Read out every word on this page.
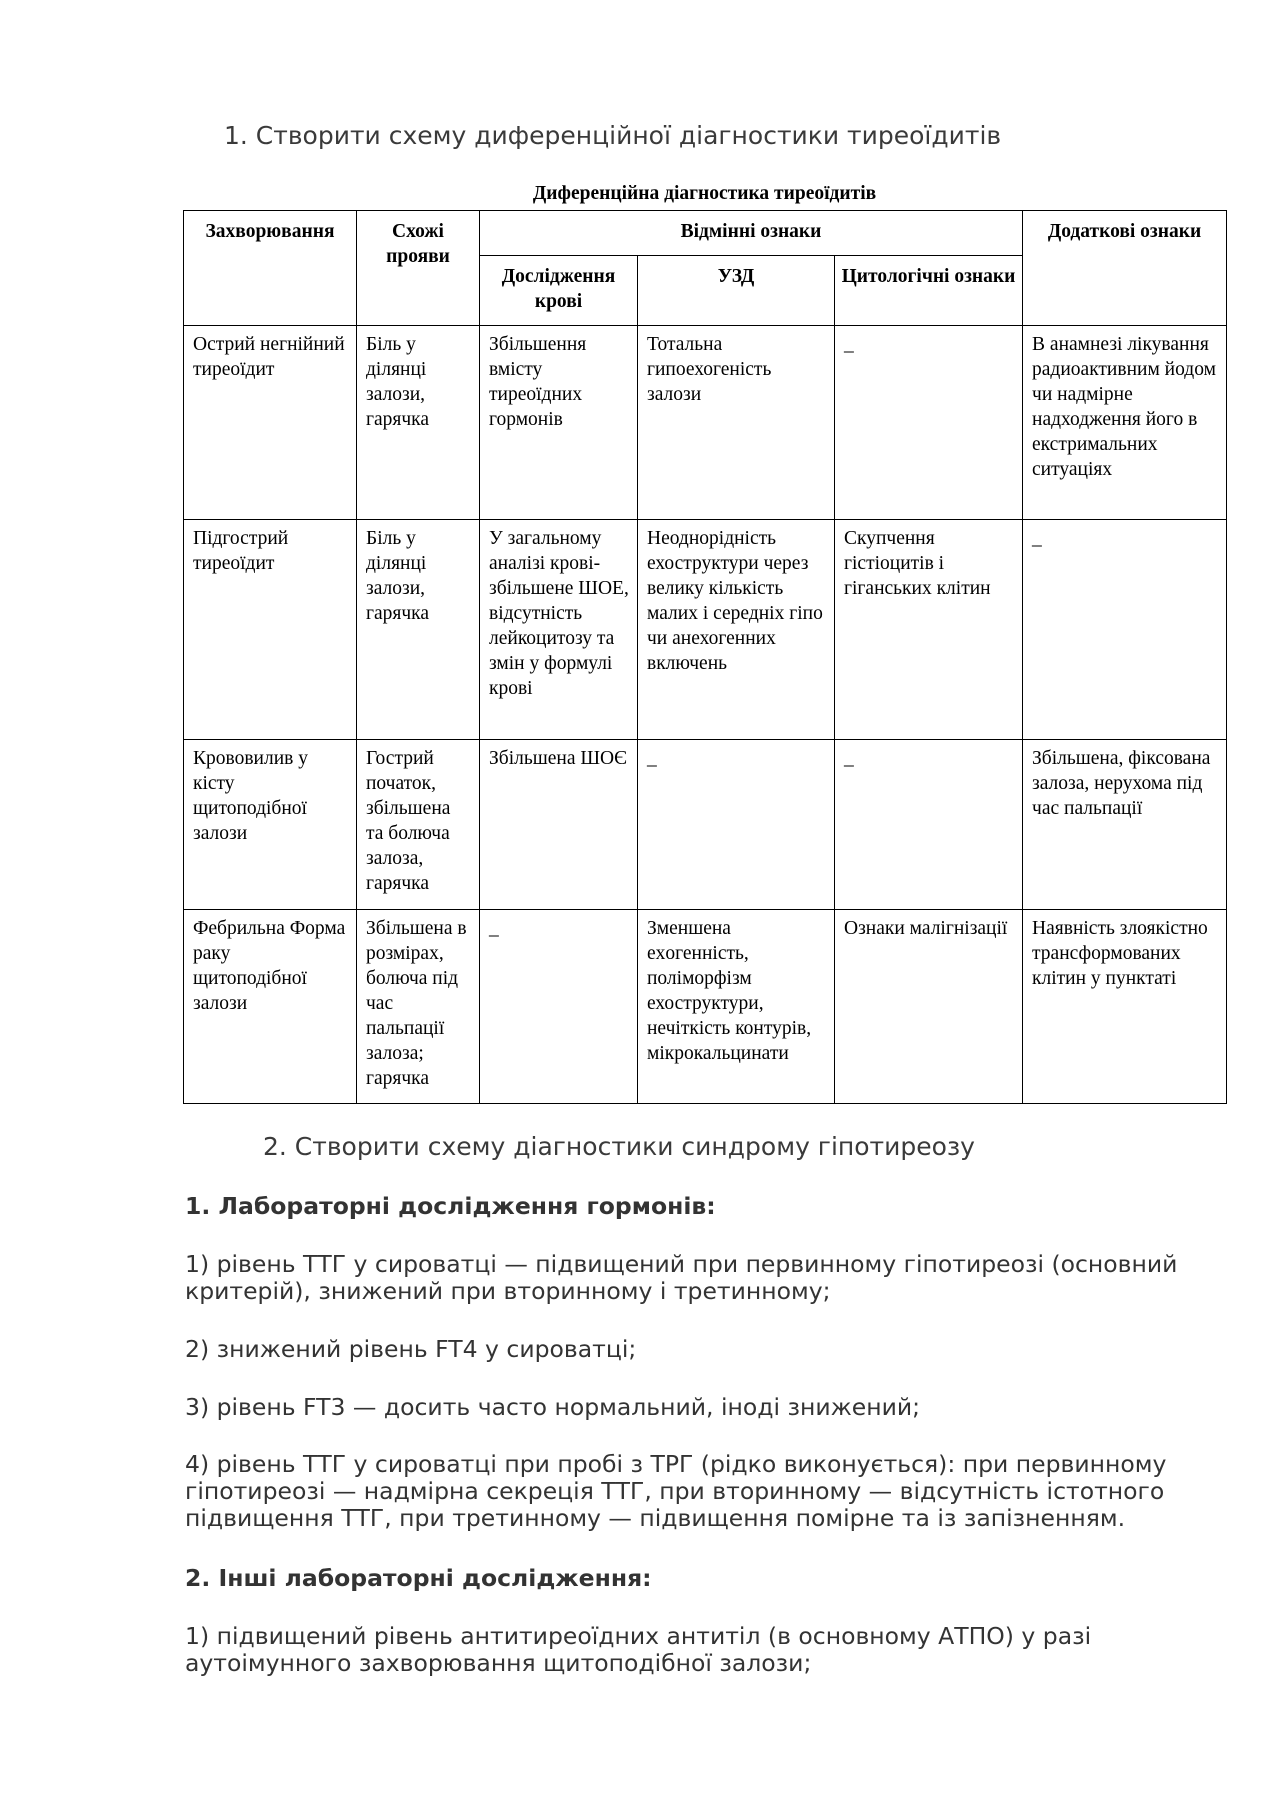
1. Створити схему диференційної діагностики тиреоїдитів
Диференційна діагностика тиреоїдитів
Захворювання	Схожі прояви	Відмінні ознаки			Додаткові ознаки
		Дослідження крові	УЗД	Цитологічні ознаки	
Острий негнійний тиреоїдит	Біль у ділянці залози, гарячка	Збільшення вмісту тиреоїдних гормонів	Тотальна гипоехогеність залози	_	В анамнезі лікування радиоактивним йодом чи надмірне надходження його в екстримальних ситуаціях
Підгострий тиреоїдит	Біль у ділянці залози, гарячка	У загальному аналізі крові- збільшене ШОЕ, відсутність лейкоцитозу та змін у формулі крові	Неоднорідність ехоструктури через велику кількість малих і середніх гіпо чи анехогенних включень	Скупчення гістіоцитів і гіганських клітин	_
Крововилив у кісту щитоподібної залози	Гострий початок, збільшена та болюча залоза, гарячка	Збільшена ШОЄ	_	_	Збільшена, фіксована залоза, нерухома під час пальпації
Фебрильна Форма раку щитоподібної залози	Збільшена в розмірах, болюча під час пальпації залоза; гарячка	_	Зменшена exогенність, поліморфізм ехоструктури, нечіткість контурів, мікрокальцинати	Ознаки малігнізації	Наявність злоякістно трансформованих клітин у пунктаті
2. Створити схему діагностики синдрому гіпотиреозу
1. Лабораторні дослідження гормонів:
1) рівень ТТГ у сироватці — підвищений при первинному гіпотиреозі (основний критерій), знижений при вторинному і третинному;
2) знижений рівень FT4 у сироватці;
3) рівень FT3 — досить часто нормальний, іноді знижений;
4) рівень ТТГ у сироватці при пробі з ТРГ (рідко виконується): при первинному гіпотиреозі — надмірна секреція ТТГ, при вторинному — відсутність істотного підвищення ТТГ, при третинному — підвищення помірне та із запізненням.
2. Інші лабораторні дослідження:
1) підвищений рівень антитиреоїдних антитіл (в основному АТПО) у разі аутоімунного захворювання щитоподібної залози;
